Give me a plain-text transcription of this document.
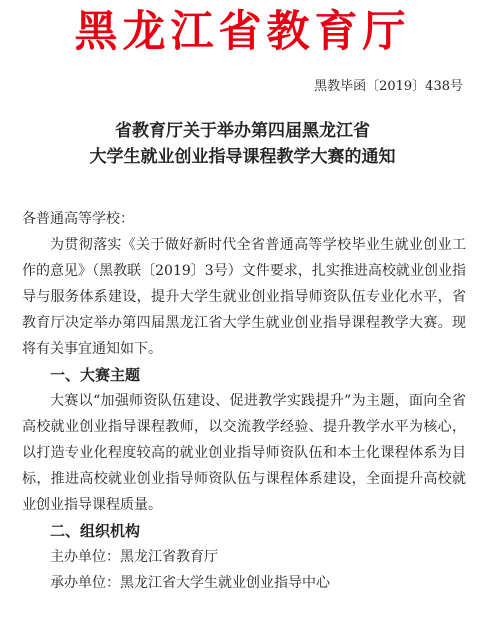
黑龙江省教育厅
黑教毕函〔2019〕438号
省教育厅关于举办第四届黑龙江省
大学生就业创业指导课程教学大赛的通知
各普通高等学校：

为贯彻落实《关于做好新时代全省普通高等学校毕业生就业创业工作的意见》（黑教联〔2019〕3号）文件要求，扎实推进高校就业创业指导与服务体系建设，提升大学生就业创业指导师资队伍专业化水平，省教育厅决定举办第四届黑龙江省大学生就业创业指导课程教学大赛。现将有关事宜通知如下。

一、大赛主题

大赛以“加强师资队伍建设、促进教学实践提升”为主题，面向全省高校就业创业指导课程教师，以交流教学经验、提升教学水平为核心，以打造专业化程度较高的就业创业指导师资队伍和本土化课程体系为目标，推进高校就业创业指导师资队伍与课程体系建设，全面提升高校就业创业指导课程质量。

二、组织机构
主办单位：黑龙江省教育厅
承办单位：黑龙江省大学生就业创业指导中心
